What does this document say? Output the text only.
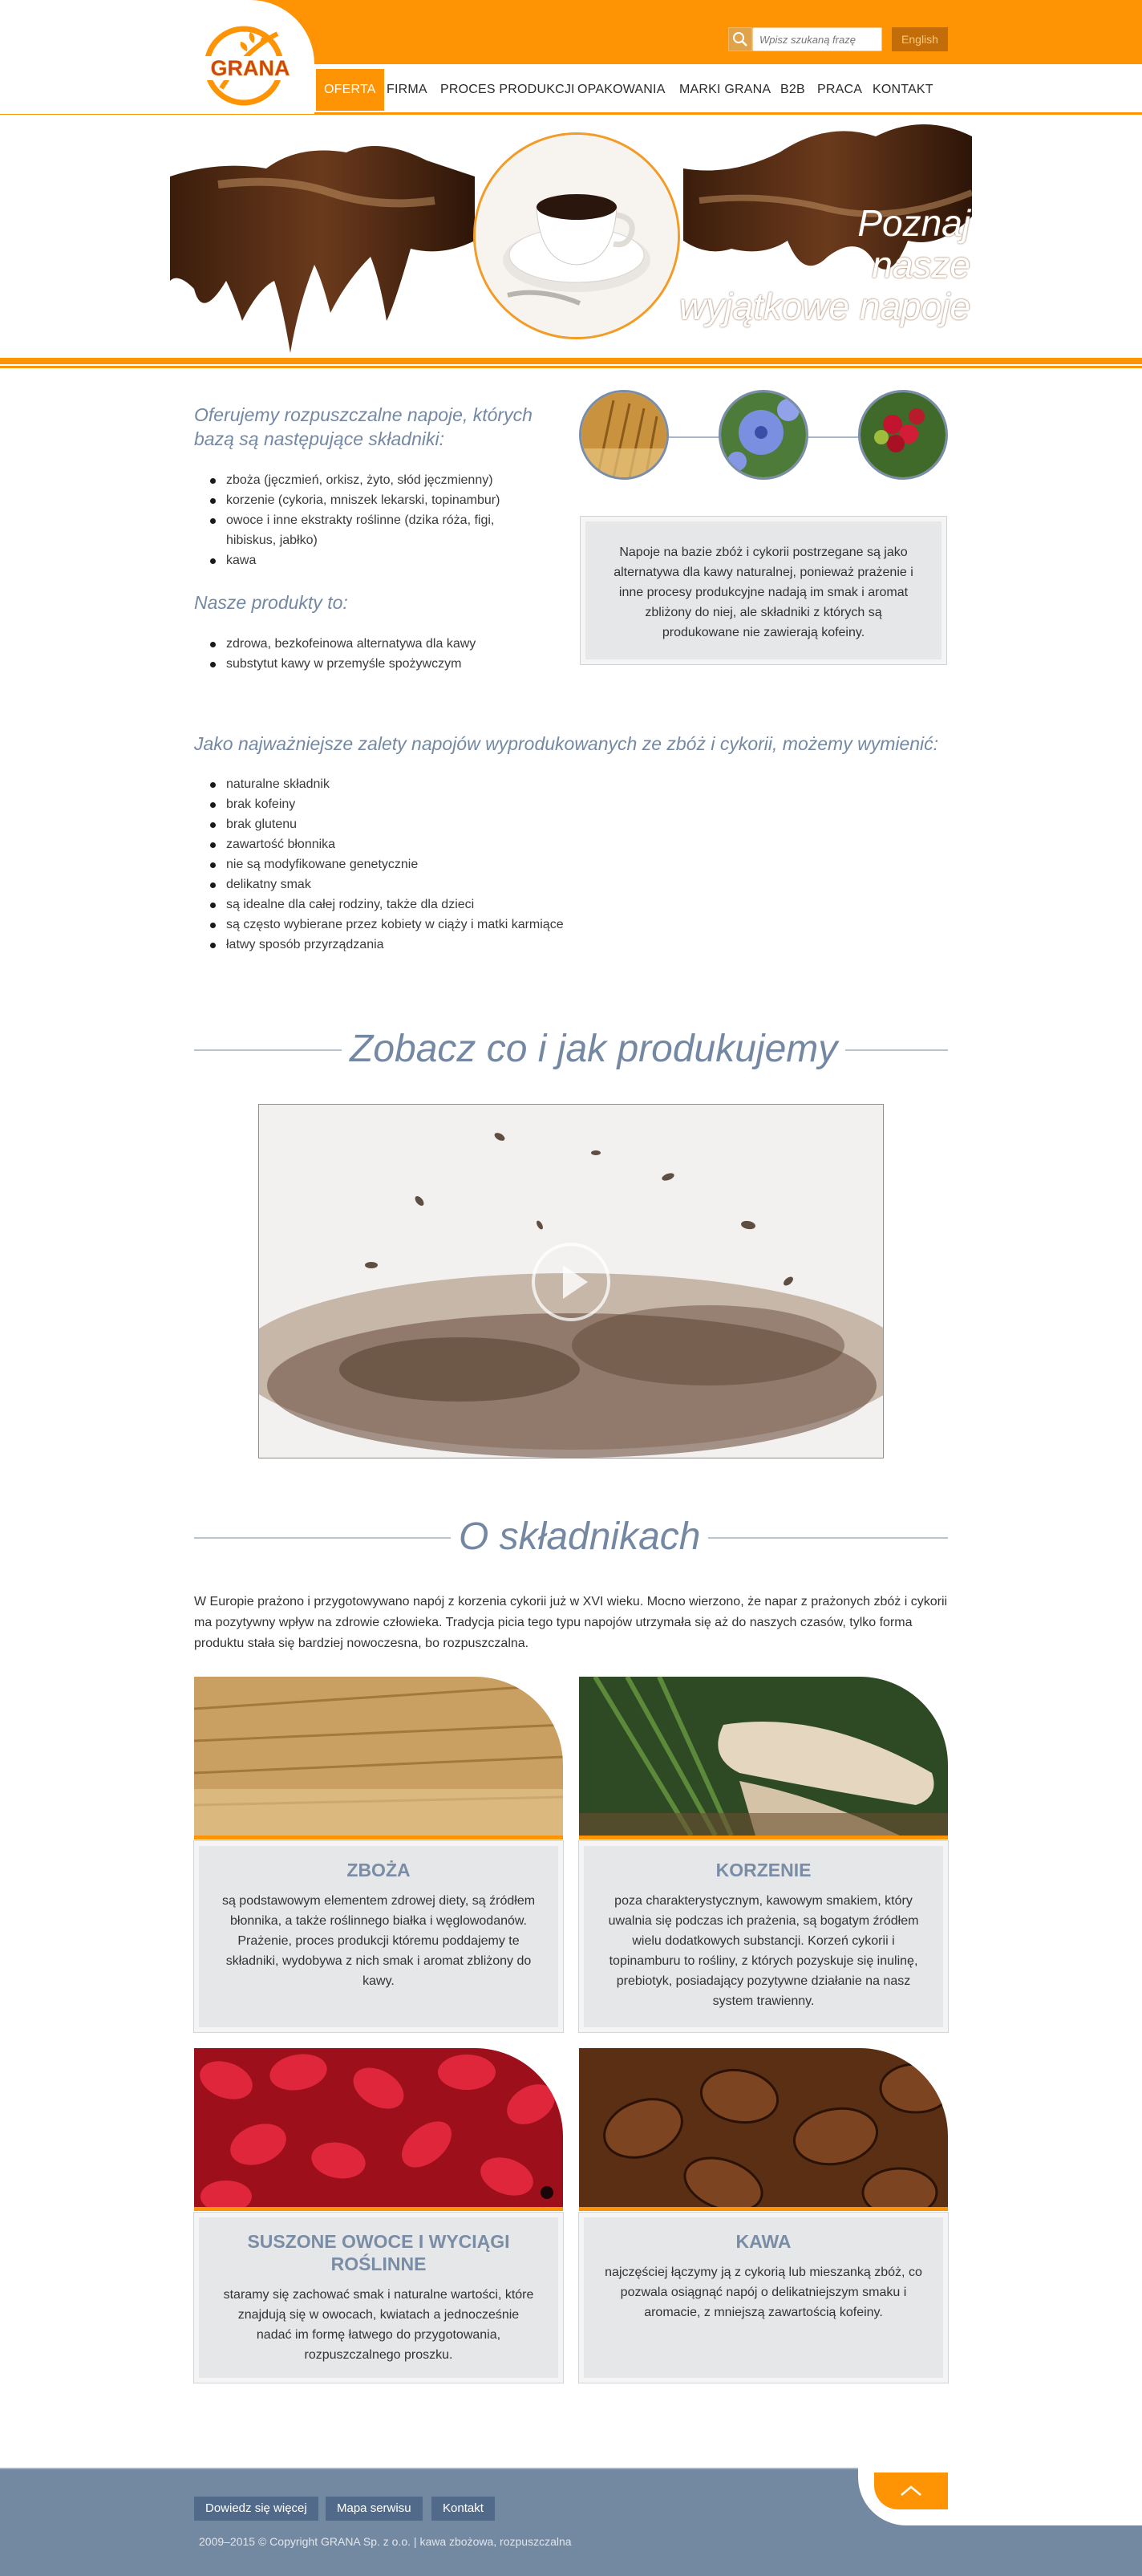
GRANA
Wpisz szukaną frazę
English
OFERTA FIRMA PROCES PRODUKCJI OPAKOWANIA MARKI GRANA B2B PRACA KONTAKT
Poznaj
nasze
wyjątkowe napoje
Oferujemy rozpuszczalne napoje, których bazą są następujące składniki:
zboża (jęczmień, orkisz, żyto, słód jęczmienny)
korzenie (cykoria, mniszek lekarski, topinambur)
owoce i inne ekstrakty roślinne (dzika róża, figi, hibiskus, jabłko)
kawa
Nasze produkty to:
zdrowa, bezkofeinowa alternatywa dla kawy
substytut kawy w przemyśle spożywczym
Napoje na bazie zbóż i cykorii postrzegane są jako alternatywa dla kawy naturalnej, ponieważ prażenie i inne procesy produkcyjne nadają im smak i aromat zbliżony do niej, ale składniki z których są produkowane nie zawierają kofeiny.
Jako najważniejsze zalety napojów wyprodukowanych ze zbóż i cykorii, możemy wymienić:
naturalne składnik
brak kofeiny
brak glutenu
zawartość błonnika
nie są modyfikowane genetycznie
delikatny smak
są idealne dla całej rodziny, także dla dzieci
są często wybierane przez kobiety w ciąży i matki karmiące
łatwy sposób przyrządzania
Zobacz co i jak produkujemy
O składnikach

W Europie prażono i przygotowywano napój z korzenia cykorii już w XVI wieku. Mocno wierzono, że napar z prażonych zbóż i cykorii ma pozytywny wpływ na zdrowie człowieka. Tradycja picia tego typu napojów utrzymała się aż do naszych czasów, tylko forma produktu stała się bardziej nowoczesna, bo rozpuszczalna.

ZBOŻA
są podstawowym elementem zdrowej diety, są źródłem błonnika, a także roślinnego białka i węglowodanów. Prażenie, proces produkcji któremu poddajemy te składniki, wydobywa z nich smak i aromat zbliżony do kawy.
KORZENIE
poza charakterystycznym, kawowym smakiem, który uwalnia się podczas ich prażenia, są bogatym źródłem wielu dodatkowych substancji. Korzeń cykorii i topinamburu to rośliny, z których pozyskuje się inulinę, prebiotyk, posiadający pozytywne działanie na nasz system trawienny.
SUSZONE OWOCE I WYCIĄGI ROŚLINNE
staramy się zachować smak i naturalne wartości, które znajdują się w owocach, kwiatach a jednocześnie nadać im formę łatwego do przygotowania, rozpuszczalnego proszku.
KAWA
najczęściej łączymy ją z cykorią lub mieszanką zbóż, co pozwala osiągnąć napój o delikatniejszym smaku i aromacie, z mniejszą zawartością kofeiny.
Dowiedz się więcej	Mapa serwisu	Kontakt
2009–2015 © Copyright GRANA Sp. z o.o. | kawa zbożowa, rozpuszczalna
